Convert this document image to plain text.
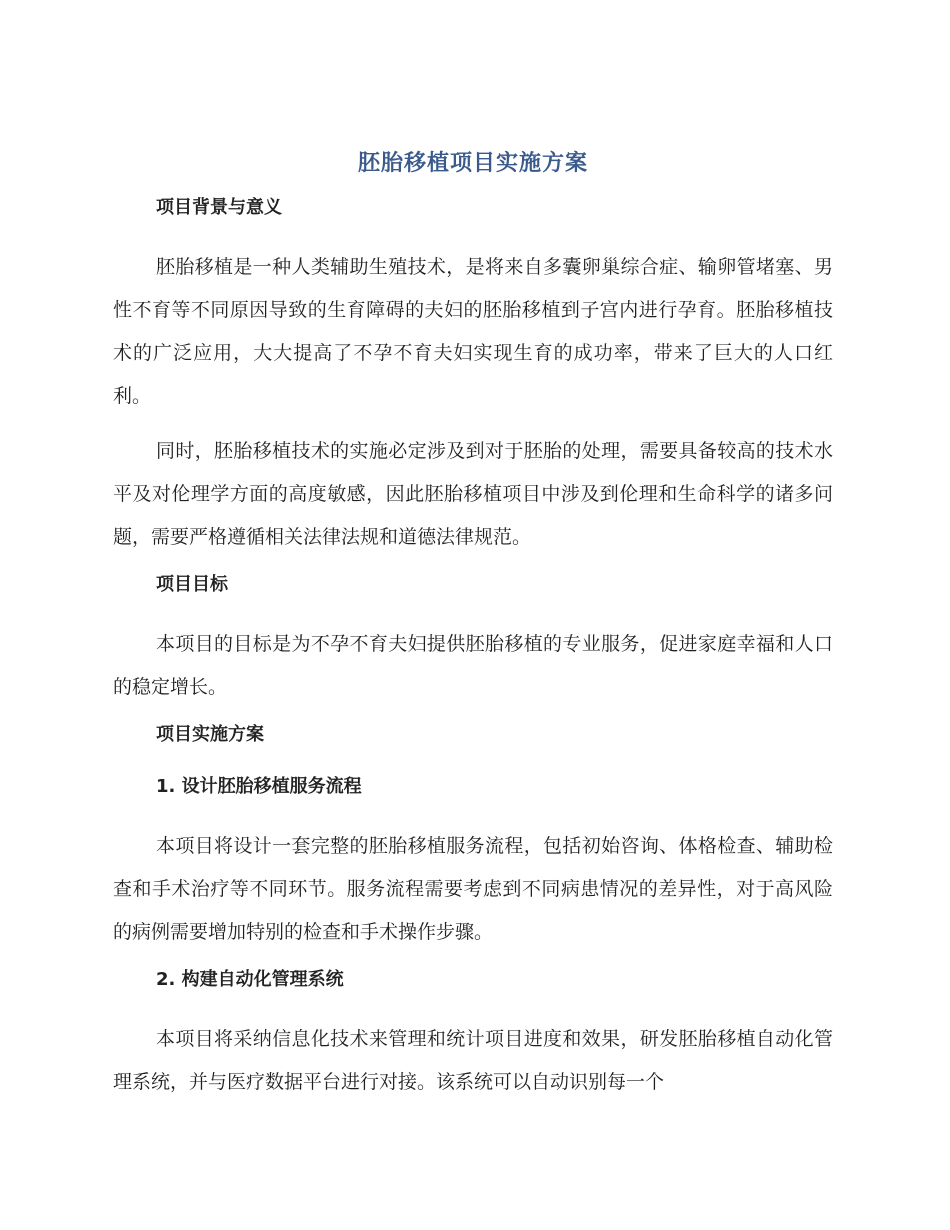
胚胎移植项目实施方案
项目背景与意义

胚胎移植是一种人类辅助生殖技术，是将来自多囊卵巢综合症、输卵管堵塞、男性不育等不同原因导致的生育障碍的夫妇的胚胎移植到子宫内进行孕育。胚胎移植技术的广泛应用，大大提高了不孕不育夫妇实现生育的成功率，带来了巨大的人口红利。

同时，胚胎移植技术的实施必定涉及到对于胚胎的处理，需要具备较高的技术水平及对伦理学方面的高度敏感，因此胚胎移植项目中涉及到伦理和生命科学的诸多问题，需要严格遵循相关法律法规和道德法律规范。

项目目标

本项目的目标是为不孕不育夫妇提供胚胎移植的专业服务，促进家庭幸福和人口的稳定增长。

项目实施方案
1. 设计胚胎移植服务流程

本项目将设计一套完整的胚胎移植服务流程，包括初始咨询、体格检查、辅助检查和手术治疗等不同环节。服务流程需要考虑到不同病患情况的差异性，对于高风险的病例需要增加特别的检查和手术操作步骤。

2. 构建自动化管理系统

本项目将采纳信息化技术来管理和统计项目进度和效果，研发胚胎移植自动化管理系统，并与医疗数据平台进行对接。该系统可以自动识别每一个
